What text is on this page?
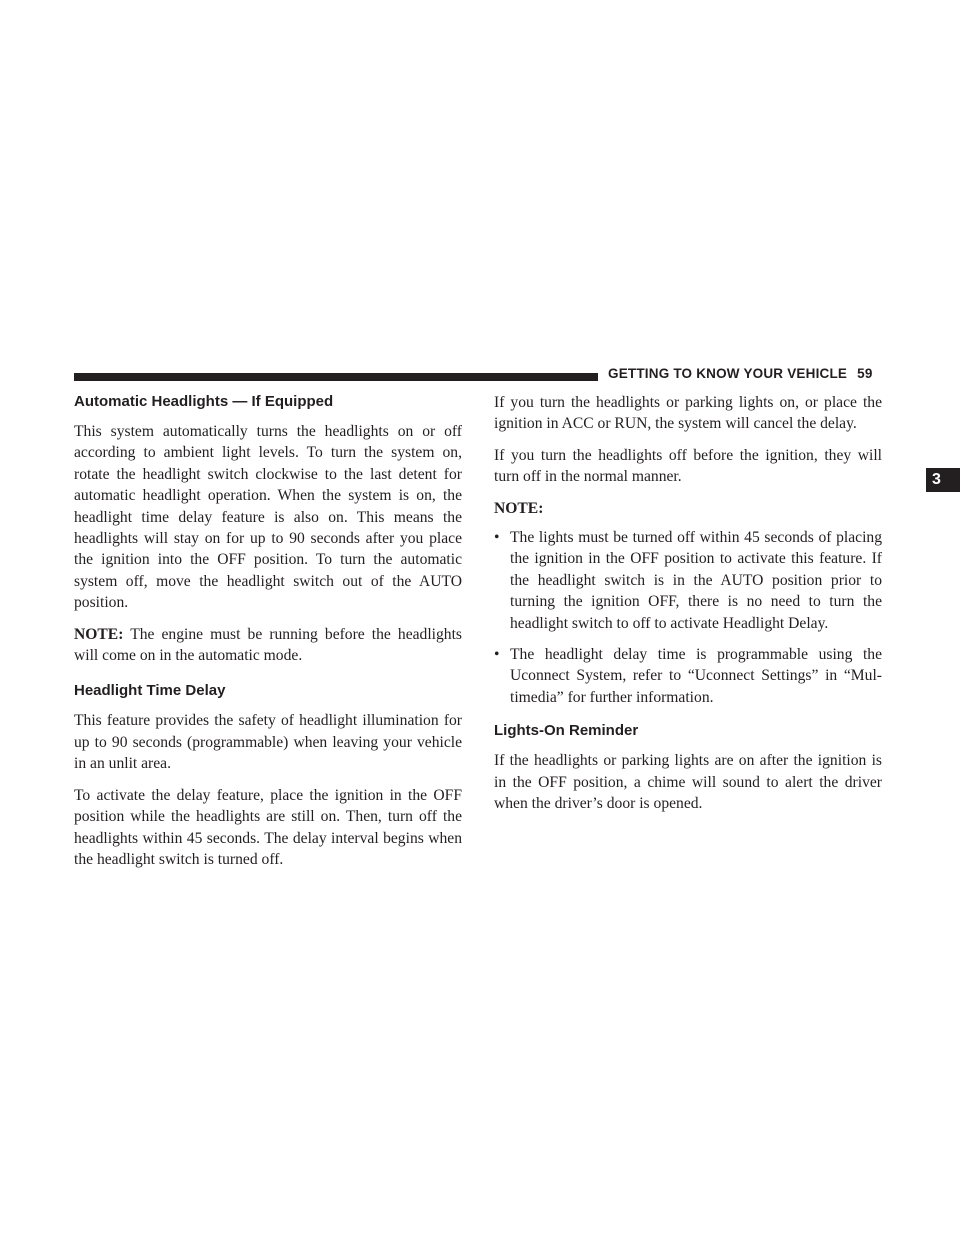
GETTING TO KNOW YOUR VEHICLE 59
3
Automatic Headlights — If Equipped

This system automatically turns the headlights on or off according to ambient light levels. To turn the system on, rotate the headlight switch clockwise to the last detent for automatic headlight operation. When the system is on, the headlight time delay feature is also on. This means the headlights will stay on for up to 90 seconds after you place the ignition into the OFF position. To turn the automatic system off, move the headlight switch out of the AUTO position.

NOTE: The engine must be running before the headlights will come on in the automatic mode.

Headlight Time Delay

This feature provides the safety of headlight illumination for up to 90 seconds (programmable) when leaving your vehicle in an unlit area.

To activate the delay feature, place the ignition in the OFF position while the headlights are still on. Then, turn off the headlights within 45 seconds. The delay interval begins when the headlight switch is turned off.

If you turn the headlights or parking lights on, or place the ignition in ACC or RUN, the system will cancel the delay.

If you turn the headlights off before the ignition, they will turn off in the normal manner.

NOTE:

• The lights must be turned off within 45 seconds of placing the ignition in the OFF position to activate this feature. If the headlight switch is in the AUTO position prior to turning the ignition OFF, there is no need to turn the headlight switch to off to activate Headlight Delay.
• The headlight delay time is programmable using the Uconnect System, refer to “Uconnect Settings” in “Mul-timedia” for further information.
Lights-On Reminder

If the headlights or parking lights are on after the ignition is in the OFF position, a chime will sound to alert the driver when the driver’s door is opened.
